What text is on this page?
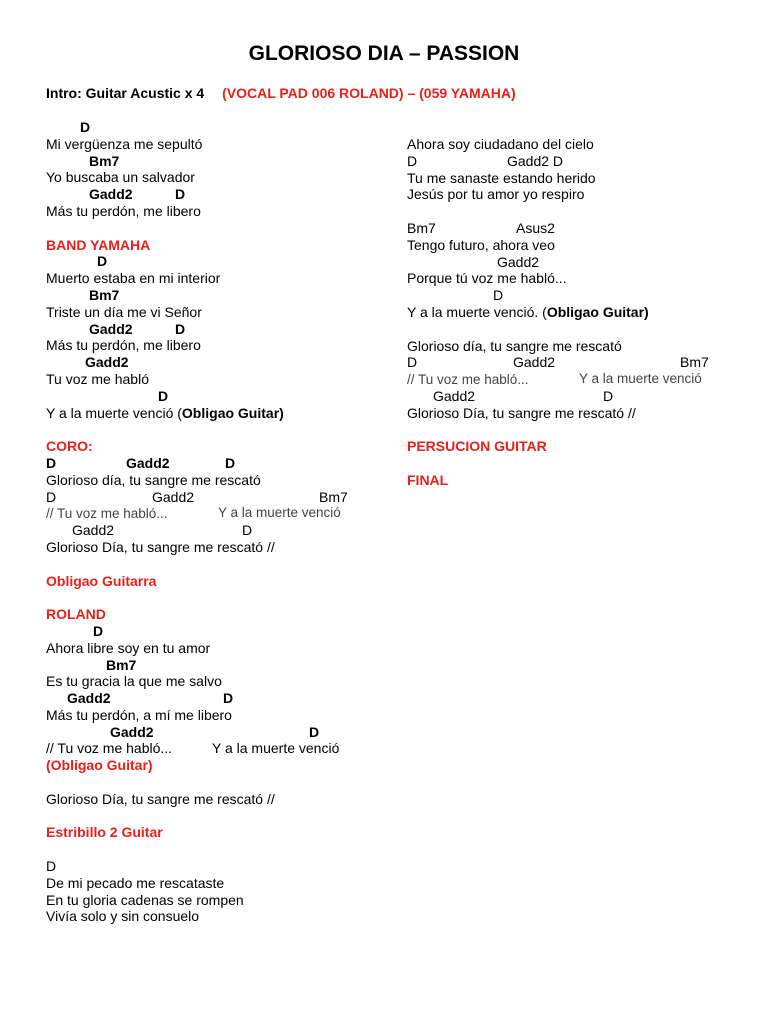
GLORIOSO DIA – PASSION
Intro: Guitar Acustic x 4 (VOCAL PAD 006 ROLAND) – (059 YAMAHA)
D
Mi vergüenza me sepultó
Bm7
Yo buscaba un salvador
Gadd2	D
Más tu perdón, me libero
BAND YAMAHA
D
Muerto estaba en mi interior
Bm7
Triste un día me vi Señor
Gadd2	D
Más tu perdón, me libero
Gadd2
Tu voz me habló
D
Y a la muerte venció (Obligao Guitar)
CORO:
D	Gadd2	D
Glorioso día, tu sangre me rescató
D	Gadd2	Bm7
// Tu voz me habló...	Y a la muerte venció
Gadd2	D
Glorioso Día, tu sangre me rescató //
Obligao Guitarra
ROLAND
D
Ahora libre soy en tu amor
Bm7
Es tu gracia la que me salvo
Gadd2	D
Más tu perdón, a mí me libero
Gadd2	D
// Tu voz me habló...	Y a la muerte venció
(Obligao Guitar)
Glorioso Día, tu sangre me rescató //
Estribillo 2 Guitar
D
De mi pecado me rescataste
En tu gloria cadenas se rompen
Vivía solo y sin consuelo
Ahora soy ciudadano del cielo
D	Gadd2 D
Tu me sanaste estando herido
Jesús por tu amor yo respiro
Bm7	Asus2
Tengo futuro, ahora veo
Gadd2
Porque tú voz me habló...
D
Y a la muerte venció. (Obligao Guitar)
Glorioso día, tu sangre me rescató
D	Gadd2	Bm7
// Tu voz me habló...	Y a la muerte venció
Gadd2	D
Glorioso Día, tu sangre me rescató //
PERSUCION GUITAR
FINAL
